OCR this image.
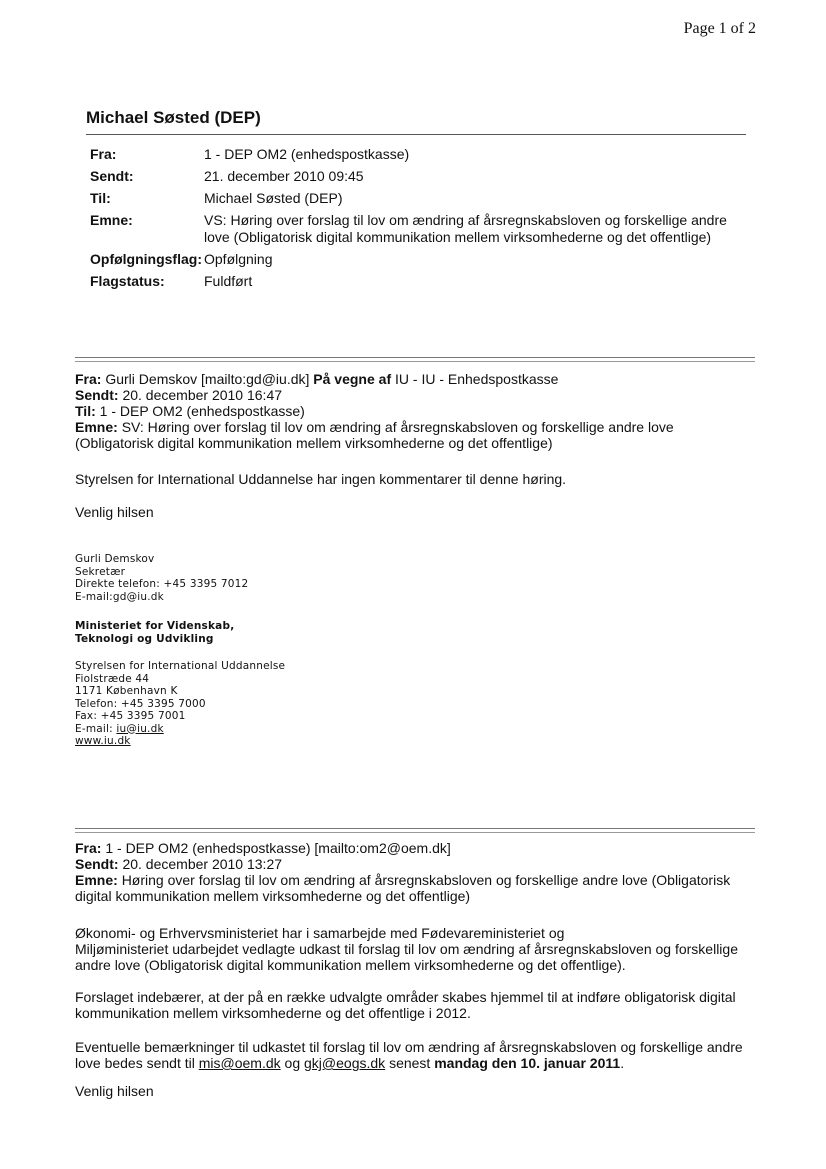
Page 1 of 2
Michael Søsted (DEP)
Fra:	1 - DEP OM2 (enhedspostkasse)
Sendt:	21. december 2010 09:45
Til:	Michael Søsted (DEP)
Emne:	VS: Høring over forslag til lov om ændring af årsregnskabsloven og forskellige andre
love (Obligatorisk digital kommunikation mellem virksomhederne og det offentlige)

Opfølgningsflag:	Opfølgning
Flagstatus:	Fuldført
Fra: Gurli Demskov [mailto:gd@iu.dk] På vegne af IU - IU - Enhedspostkasse
Sendt: 20. december 2010 16:47
Til: 1 - DEP OM2 (enhedspostkasse)
Emne: SV: Høring over forslag til lov om ændring af årsregnskabsloven og forskellige andre love
(Obligatorisk digital kommunikation mellem virksomhederne og det offentlige)
Styrelsen for International Uddannelse har ingen kommentarer til denne høring.
Venlig hilsen
Gurli Demskov
Sekretær
Direkte telefon: +45 3395 7012
E-mail:gd@iu.dk
Ministeriet for Videnskab,
Teknologi og Udvikling
Styrelsen for International Uddannelse
Fiolstræde 44
1171 København K
Telefon: +45 3395 7000
Fax: +45 3395 7001
E-mail: iu@iu.dk
www.iu.dk
Fra: 1 - DEP OM2 (enhedspostkasse) [mailto:om2@oem.dk]
Sendt: 20. december 2010 13:27
Emne: Høring over forslag til lov om ændring af årsregnskabsloven og forskellige andre love (Obligatorisk
digital kommunikation mellem virksomhederne og det offentlige)
Økonomi- og Erhvervsministeriet har i samarbejde med Fødevareministeriet og
Miljøministeriet udarbejdet vedlagte udkast til forslag til lov om ændring af årsregnskabsloven og forskellige
andre love (Obligatorisk digital kommunikation mellem virksomhederne og det offentlige).
Forslaget indebærer, at der på en række udvalgte områder skabes hjemmel til at indføre obligatorisk digital
kommunikation mellem virksomhederne og det offentlige i 2012.
Eventuelle bemærkninger til udkastet til forslag til lov om ændring af årsregnskabsloven og forskellige andre
love bedes sendt til mis@oem.dk og gkj@eogs.dk senest mandag den 10. januar 2011.
Venlig hilsen
